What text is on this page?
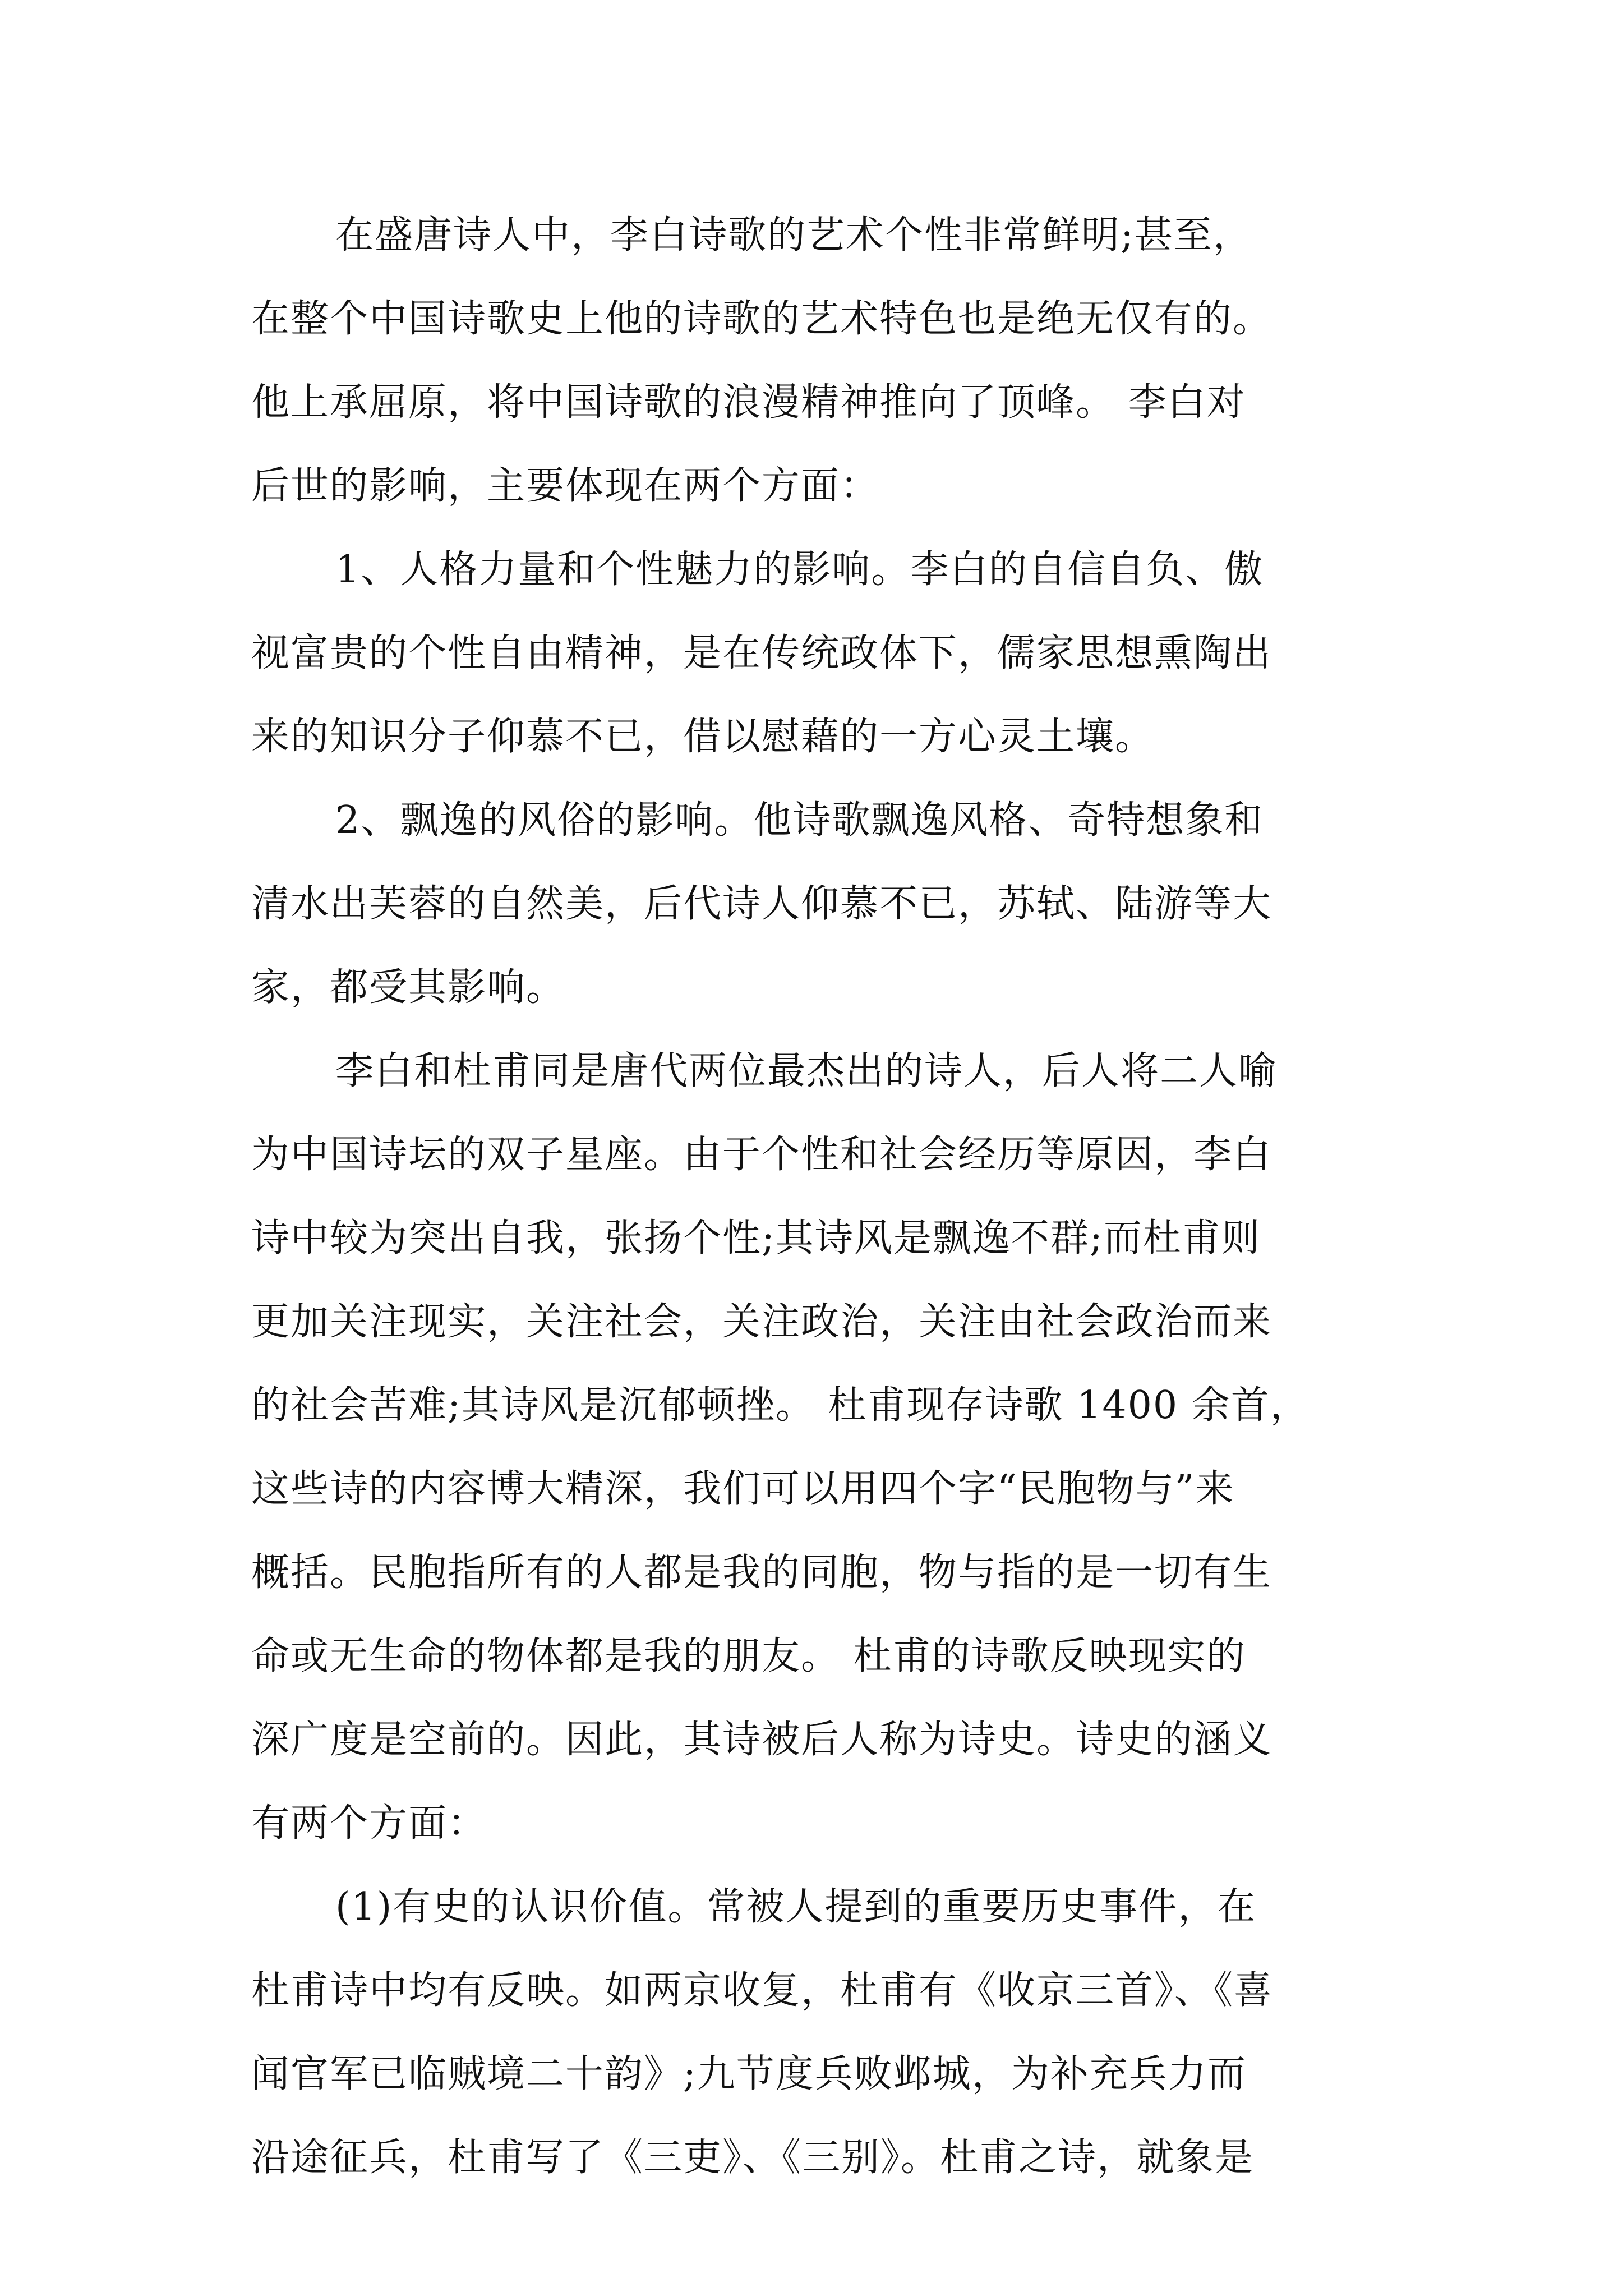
在盛唐诗人中，李白诗歌的艺术个性非常鲜明;甚至，
在整个中国诗歌史上他的诗歌的艺术特色也是绝无仅有的。
他上承屈原，将中国诗歌的浪漫精神推向了顶峰。 李白对
后世的影响，主要体现在两个方面：
1、人格力量和个性魅力的影响。李白的自信自负、傲
视富贵的个性自由精神，是在传统政体下，儒家思想熏陶出
来的知识分子仰慕不已，借以慰藉的一方心灵土壤。
2、飘逸的风俗的影响。他诗歌飘逸风格、奇特想象和
清水出芙蓉的自然美，后代诗人仰慕不已，苏轼、陆游等大
家，都受其影响。
李白和杜甫同是唐代两位最杰出的诗人，后人将二人喻
为中国诗坛的双子星座。由于个性和社会经历等原因，李白
诗中较为突出自我，张扬个性;其诗风是飘逸不群;而杜甫则
更加关注现实，关注社会，关注政治，关注由社会政治而来
的社会苦难;其诗风是沉郁顿挫。 杜甫现存诗歌 1400 余首，
这些诗的内容博大精深，我们可以用四个字“民胞物与”来
概括。民胞指所有的人都是我的同胞，物与指的是一切有生
命或无生命的物体都是我的朋友。 杜甫的诗歌反映现实的
深广度是空前的。因此，其诗被后人称为诗史。诗史的涵义
有两个方面：
(1)有史的认识价值。常被人提到的重要历史事件，在
杜甫诗中均有反映。如两京收复，杜甫有《收京三首》、《喜
闻官军已临贼境二十韵》;九节度兵败邺城，为补充兵力而
沿途征兵，杜甫写了《三吏》、《三别》。杜甫之诗，就象是
